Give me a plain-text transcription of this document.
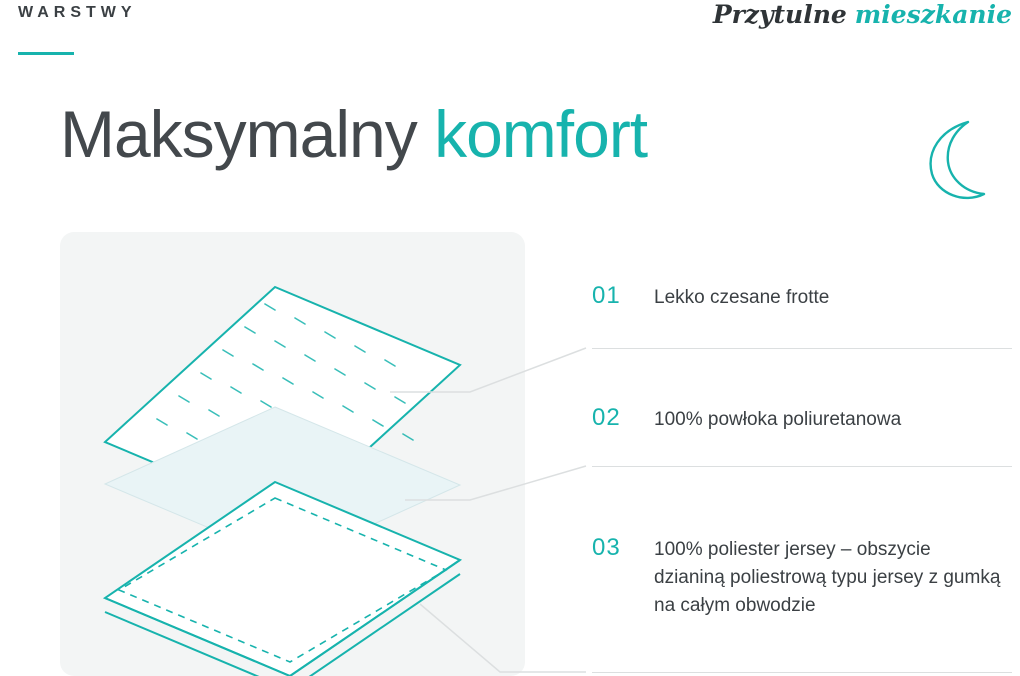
WARSTWY	Przytulne mieszkanie
Maksymalny komfort
01 Lekko czesane frotte
02 100% powłoka poliuretanowa
03 100% poliester jersey – obszycie dzianiną poliestrową typu jersey z gumką na całym obwodzie
